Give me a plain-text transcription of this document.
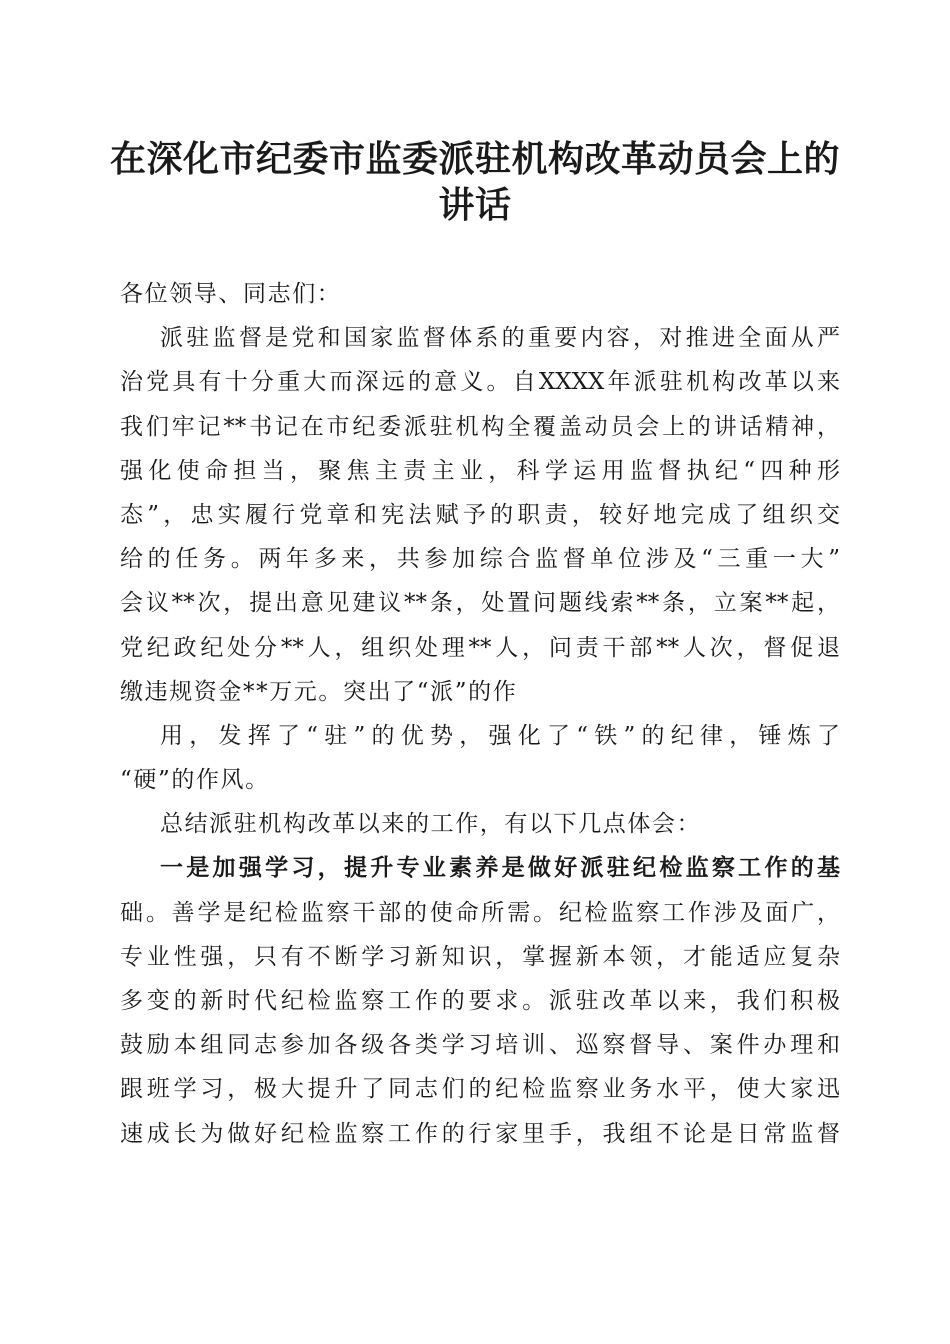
在深化市纪委市监委派驻机构改革动员会上的
讲话

各位领导、同志们：

派驻监督是党和国家监督体系的重要内容，对推进全面从严

治党具有十分重大而深远的意义。自XXXX年派驻机构改革以来

我们牢记**书记在市纪委派驻机构全覆盖动员会上的讲话精神，

强化使命担当，聚焦主责主业，科学运用监督执纪“四种形

态”，忠实履行党章和宪法赋予的职责，较好地完成了组织交

给的任务。两年多来，共参加综合监督单位涉及“三重一大”

会议**次，提出意见建议**条，处置问题线索**条，立案**起，

党纪政纪处分**人，组织处理**人，问责干部**人次，督促退

缴违规资金**万元。突出了“派”的作

用，发挥了“驻”的优势，强化了“铁”的纪律，锤炼了

“硬”的作风。

总结派驻机构改革以来的工作，有以下几点体会：

一是加强学习，提升专业素养是做好派驻纪检监察工作的基

础。善学是纪检监察干部的使命所需。纪检监察工作涉及面广，

专业性强，只有不断学习新知识，掌握新本领，才能适应复杂

多变的新时代纪检监察工作的要求。派驻改革以来，我们积极

鼓励本组同志参加各级各类学习培训、巡察督导、案件办理和

跟班学习，极大提升了同志们的纪检监察业务水平，使大家迅

速成长为做好纪检监察工作的行家里手，我组不论是日常监督
